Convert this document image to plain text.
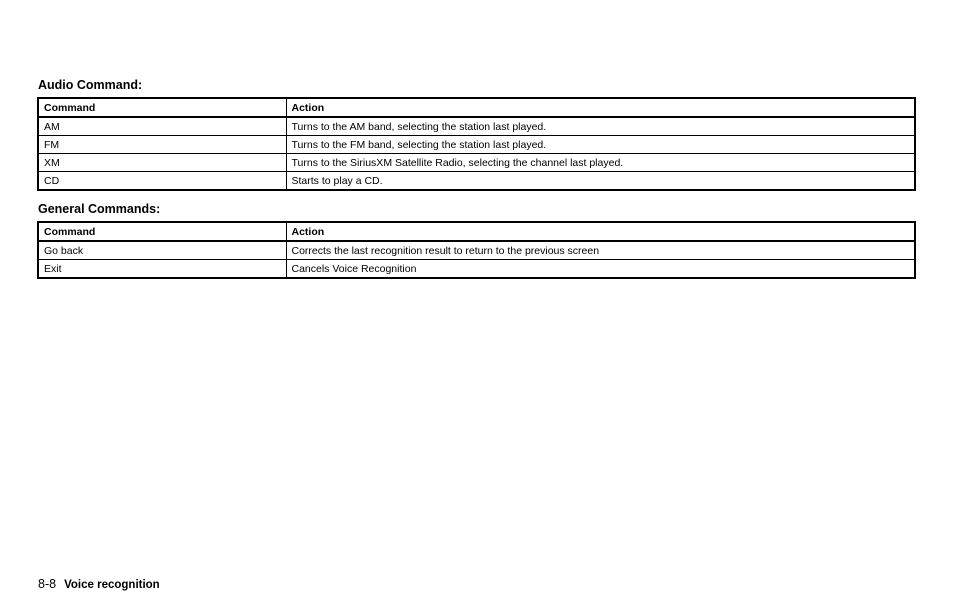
Audio Command:
Command	Action
AM	Turns to the AM band, selecting the station last played.
FM	Turns to the FM band, selecting the station last played.
XM	Turns to the SiriusXM Satellite Radio, selecting the channel last played.
CD	Starts to play a CD.
General Commands:
Command	Action
Go back	Corrects the last recognition result to return to the previous screen
Exit	Cancels Voice Recognition
8-8 Voice recognition
